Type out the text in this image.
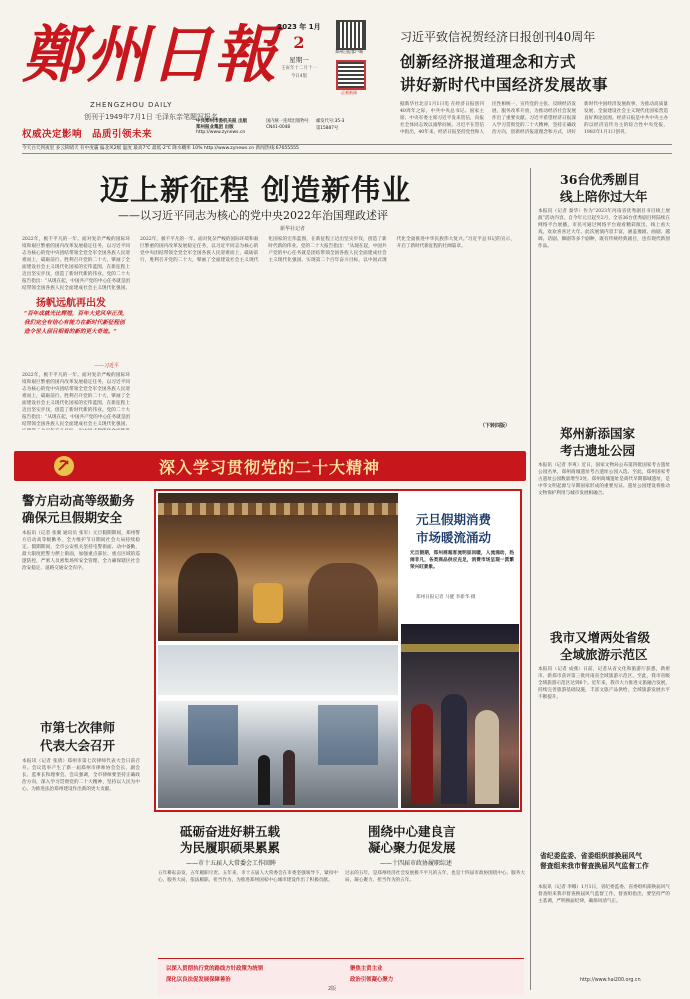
鄭州日報
ZHENGZHOU DAILY
创刊于1949年7月1日 毛泽东亲笔题写报名
2023 年 1月
2
星期一
壬寅年十二月十一
今日4版
郑州日报客户端
正观新闻
中共郑州市委机关报 出版
郑州报业集团 出版
http://www.zynews.cn
国内统一连续出版物号
CN41-0048
邮发代号:35-3
第15887号
权威决定影响　品质引领未来
习近平致信祝贺经济日报创刊40周年
创新经济报道理念和方式
讲好新时代中国经济发展故事
据新华社北京1月1日电 在经济日报创刊40周年之际，中共中央总书记、国家主席、中央军委主席习近平发来贺信，向报社全体同志致以诚挚问候。习近平在贺信中指出，40年来，经济日报坚持党性和人民性相统一，宣传党的主张、反映经济发展、服务改革开放，为推动经济社会发展作出了重要贡献。习近平希望经济日报深入学习贯彻党的二十大精神，坚持正确政治方向，创新经济报道理念和方式，讲好新时代中国经济发展故事，为推动高质量发展、全面建设社会主义现代化国家营造良好舆论氛围。经济日报是中共中央主办的以经济宣传为主的综合性中央党报，1983年1月1日创刊。
今天白天到夜里 多云转晴天 有中度霾 偏北风2级 温度 最高7℃ 最低-2℃ 降水概率 10% http://www.zynews.cn 新闻热线:67655555
迈上新征程 创造新伟业
——以习近平同志为核心的党中央2022年治国理政述评
新华社记者
2022年，极不平凡的一年。面对复杂严峻的国际环境和艰巨繁重的国内改革发展稳定任务，以习近平同志为核心的党中央团结带领全党全军全国各族人民迎难而上，砥砺前行，胜利召开党的二十大，擘画了全面建设社会主义现代化国家的宏伟蓝图，在新征程上迈出坚实步伐，创造了新时代新的伟业。党的二十大报告指出：“从现在起，中国共产党的中心任务就是团结带领全国各族人民全面建成社会主义现代化强国、
扬帆远航再出发
“百年成就光比辉煌，百年大党风华正茂，我们完全有信心有能力在新时代新征程创造令世人刮目相看的新的更大奇迹。”
——习近平
2022年，极不平凡的一年。面对复杂严峻的国际环境和艰巨繁重的国内改革发展稳定任务，以习近平同志为核心的党中央团结带领全党全军全国各族人民迎难而上，砥砺前行，胜利召开党的二十大，擘画了全面建设社会主义现代化国家的宏伟蓝图，在新征程上迈出坚实步伐，创造了新时代新的伟业。党的二十大报告指出：“从现在起，中国共产党的中心任务就是团结带领全国各族人民全面建成社会主义现代化强国、
2022年，极不平凡的一年。面对复杂严峻的国际环境和艰巨繁重的国内改革发展稳定任务，以习近平同志为核心的党中央团结带领全党全军全国各族人民迎难而上，砥砺前行，胜利召开党的二十大，擘画了全面建设社会主义现代化国家的宏伟蓝图，在新征程上迈出坚实步伐，创造了新时代新的伟业。党的二十大报告指出：“从现在起，中国共产党的中心任务就是团结带领全国各族人民全面建成社会主义现代化强国、实现第二个百年奋斗目标，以中国式现代化全面推进中华民族伟大复兴。”习近平总书记的宣示，开启了新时代新征程的壮阔篇章。
（下转四版）
深入学习贯彻党的二十大精神
警方启动高等级勤务
确保元旦假期安全
本报讯（记者 张翼 通讯员 张军）元旦假期期间，郑州警方启动高等级勤务，全力维护节日期间社会大局持续稳定。假期期间，全市公安机关坚持屯警街面、动中备勤，最大限度把警力摆上街面，加强重点部位、重点区域的巡逻防控，严密人员密集场所安全管理，全力确保辖区社会治安稳定、道路交通安全有序。
市第七次律师
代表大会召开
本报讯（记者 张倩）郑州市第七次律师代表大会日前召开。会议选举产生了新一届郑州市律师协会会长、副会长、监事长和理事会。会议强调，全市律师要坚持正确政治方向，深入学习贯彻党的二十大精神，坚持以人民为中心，为推进法治郑州建设作出新的更大贡献。
元旦假期消费
市场暖流涌动
元旦假期，郑州商超客流明显回暖，人流涌动，热闹非凡，各类商品供应充足，消费市场呈现一派繁荣兴旺景象。
郑州日报记者 马健 李新华 摄
36台优秀剧目
线上陪你过大年
本报讯（记者 秦华）作为“2023年河南省优秀剧目书目线上展演”活动内容，自今年元旦起至2月，全省36台优秀剧目将陆续在网络平台展播，市民可通过网络平台观看精彩演出，线上看大戏，欢欢喜喜过大年。此次展演内容丰富，涵盖豫剧、曲剧、越调、话剧、舞剧等多个剧种，既有传统经典剧目，也有现代新创作品。
郑州新添国家
考古遗址公园
本报讯（记者 李爽）近日，国家文物局公布第四批国家考古遗址公园名单，郑州商城遗址考古遗址公园入选。至此，郑州国家考古遗址公园数量增至3处。郑州商城遗址是商代早期都城遗址，是中华文明起源与早期国家形成的重要见证。遗址公园建设将推动文物保护利用与城市发展相融合。
我市又增两处省级
全域旅游示范区
本报讯（记者 成燕）日前，记者从省文化和旅游厅获悉，新密市、新郑市获评第三批河南省全域旅游示范区。至此，我市省级全域旅游示范区达到6个。近年来，我市大力推进文旅融合发展，持续完善旅游基础设施，丰富文旅产品供给，全域旅游发展水平不断提升。
省纪委监委、省委组织部换届风气
督查组来我市督查换届风气监督工作
本报讯（记者 李娜）1月1日，省纪委监委、省委组织部换届风气督查组来我市督查换届风气监督工作。督查组指出，要坚持严的主基调，严明换届纪律，确保风清气正。
http://www.hai200.org.cn
砥砺奋进好耕五载
为民履职硕果累累
——市十五届人大常委会工作回眸
五年耕耘奋发，五年履职尽责。五年来，市十五届人大常委会在市委坚强领导下，紧扣中心、服务大局，依法履职、担当作为，为推进郑州国家中心城市建设作出了积极贡献。
围绕中心建良言
凝心聚力促发展
——十四届市政协履职综述
过去的五年，是郑州经济社会发展极不平凡的五年，也是十四届市政协围绕中心、服务大局、凝心聚力、担当作为的五年。
以深入贯彻执行党的路线方针政策为统领
深化以良法促发展保障善治
聚焦主责主业
政治引领凝心聚力
2版
